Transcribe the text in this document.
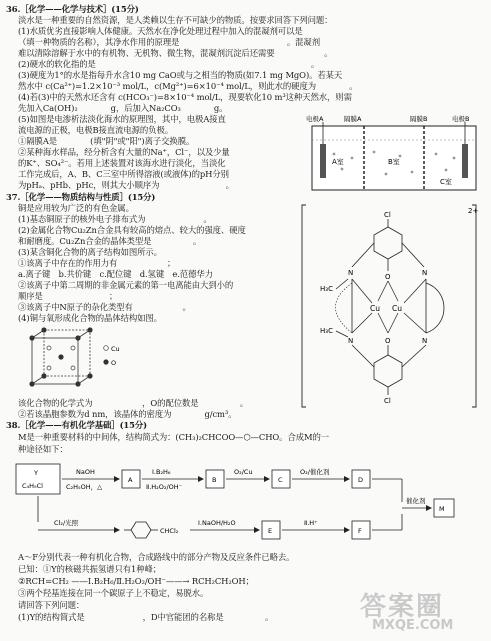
36.［化学——化学与技术］(15分)
淡水是一种重要的自然资源，是人类赖以生存不可缺少的物质。按要求回答下列问题：
(1)水质优劣直接影响人体健康。天然水在净化处理过程中加入的混凝剂可以是
（填一种物质的名称），其净水作用的原理是　　　　　　　　　　　　　。混凝剂
难以清除溶解于水中的有机物、无机物、微生物，混凝剂沉淀后还需要　　　　　　。
(2)硬水的软化指的是　　　　　　　　　　　　　　　　　　　　　　　　　　。
(3)硬度为1°的水是指每升水含10 mg CaO或与之相当的物质(如7.1 mg MgO)。若某天
然水中 c(Ca²⁺)=1.2×10⁻³ mol/L，c(Mg²⁺)=6×10⁻⁴ mol/L，则此水的硬度为　　　　。
(4)若(3)中的天然水还含有 c(HCO₃⁻)=8×10⁻⁴ mol/L，现要软化10 m³这种天然水，则需
先加入Ca(OH)₂　　　　g，后加入Na₂CO₃　　　　g。
(5)如图是电渗析法淡化海水的原理图，其中，电极A接直
流电源的正极，电极B接直流电源的负极。
①隔膜A是　　　　(填"阴"或"阳")离子交换膜。
②某种海水样品，经分析含有大量的Na⁺，Cl⁻，以及少量
的K⁺、SO₄²⁻。若用上述装置对该海水进行淡化，当淡化
工作完成后，A、B、C三室中所得溶液(或液体)的pH分别
为pHₐ、pHb、pHc，则其大小顺序为　　　　　　　　。
电极A	隔膜A	隔膜B	电极B
A室	B室
C室
37.［化学——物质结构与性质］(15分)
铜是应用较为广泛的有色金属。
(1)基态铜原子的核外电子排布式为　　　　　　　。
(2)金属化合物Cu₂Zn合金具有较高的熔点、较大的强度、硬度
和耐磨度。Cu₂Zn合金的晶体类型是　　　　　。
(3)某含铜化合物的离子结构如图所示。
①该离子中存在的作用力有　　　　　　；
a.离子键　b.共价键　c.配位键　d.氢键　e.范德华力
②该离子中第二周期的非金属元素的第一电离能由大到小的
顺序是　　　　　　　　；
③该离子中N原子的杂化类型有　　　　　　。
(4)铜与氧形成化合物的晶体结构如图。
Cu
O
该化合物的化学式为　　　　　　，O的配位数是　　　　　。
②若该晶胞参数为d nm，该晶体的密度为　　　　g/cm³。
2+
Cl
O
N	N
H₃C
Cu Cu
N	N
H₃C
O
Cl
38.［化学——有机化学基础］(15分)
M是一种重要材料的中间体，结构简式为：(CH₃)₂CHCOO—⬡—CHO。合成M的一
种途径如下：
Y
C₄H₉Cl
NaOH
C₂H₅OH，△
A
Ⅰ.B₂H₆
Ⅱ.H₂O₂/OH⁻
B
O₂/Cu
C
O₂/催化剂
D
催化剂
M
Cl₂/光照
CHCl₂
Ⅰ.NaOH/H₂O
E
Ⅱ.H⁺
F
A～F分别代表一种有机化合物，合成路线中的部分产物及反应条件已略去。
已知：①Y的核磁共振氢谱只有1种峰；
②RCH=CH₂ ——Ⅰ.B₂H₆/Ⅱ.H₂O₂/OH⁻——→ RCH₂CH₂OH；
③两个羟基连接在同一个碳原子上不稳定，易脱水。
请回答下列问题：
(1)Y的结构简式是　　　　　　　，D中官能团的名称是　　　　　。	答案圈
MXQE.COM
